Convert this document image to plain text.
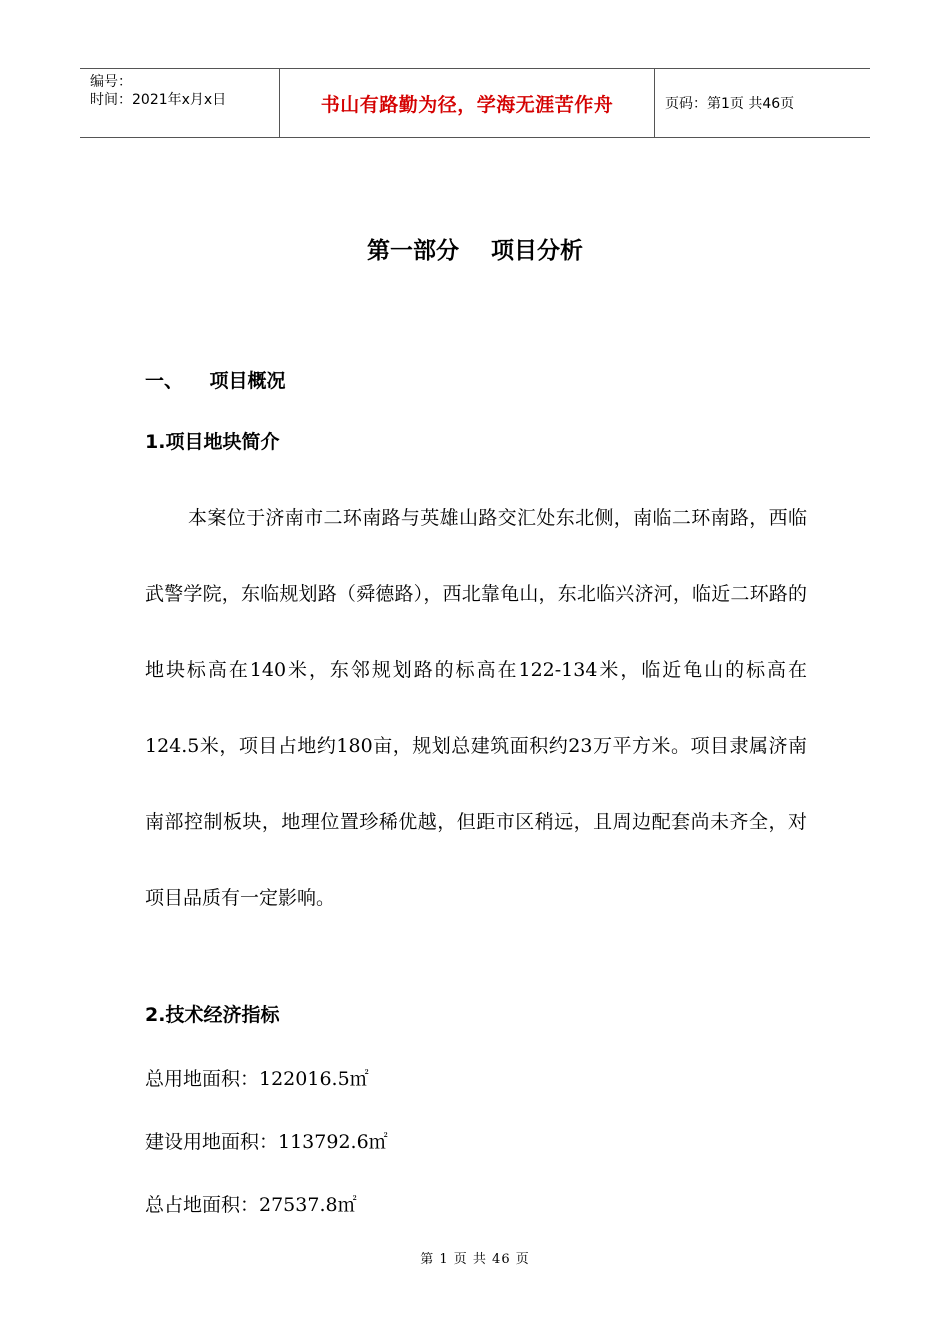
编号：
时间：2021年x月x日	书山有路勤为径，学海无涯苦作舟	页码：第1页 共46页
第一部分    项目分析
一、    项目概况
1.项目地块简介

本案位于济南市二环南路与英雄山路交汇处东北侧，南临二环南路，西临武警学院，东临规划路（舜德路），西北靠龟山，东北临兴济河，临近二环路的地块标高在140米，东邻规划路的标高在122-134米，临近龟山的标高在124.5米，项目占地约180亩，规划总建筑面积约23万平方米。项目隶属济南南部控制板块，地理位置珍稀优越，但距市区稍远，且周边配套尚未齐全，对项目品质有一定影响。

2.技术经济指标
总用地面积：122016.5㎡
建设用地面积：113792.6㎡
总占地面积：27537.8㎡
第 1 页 共 46 页
